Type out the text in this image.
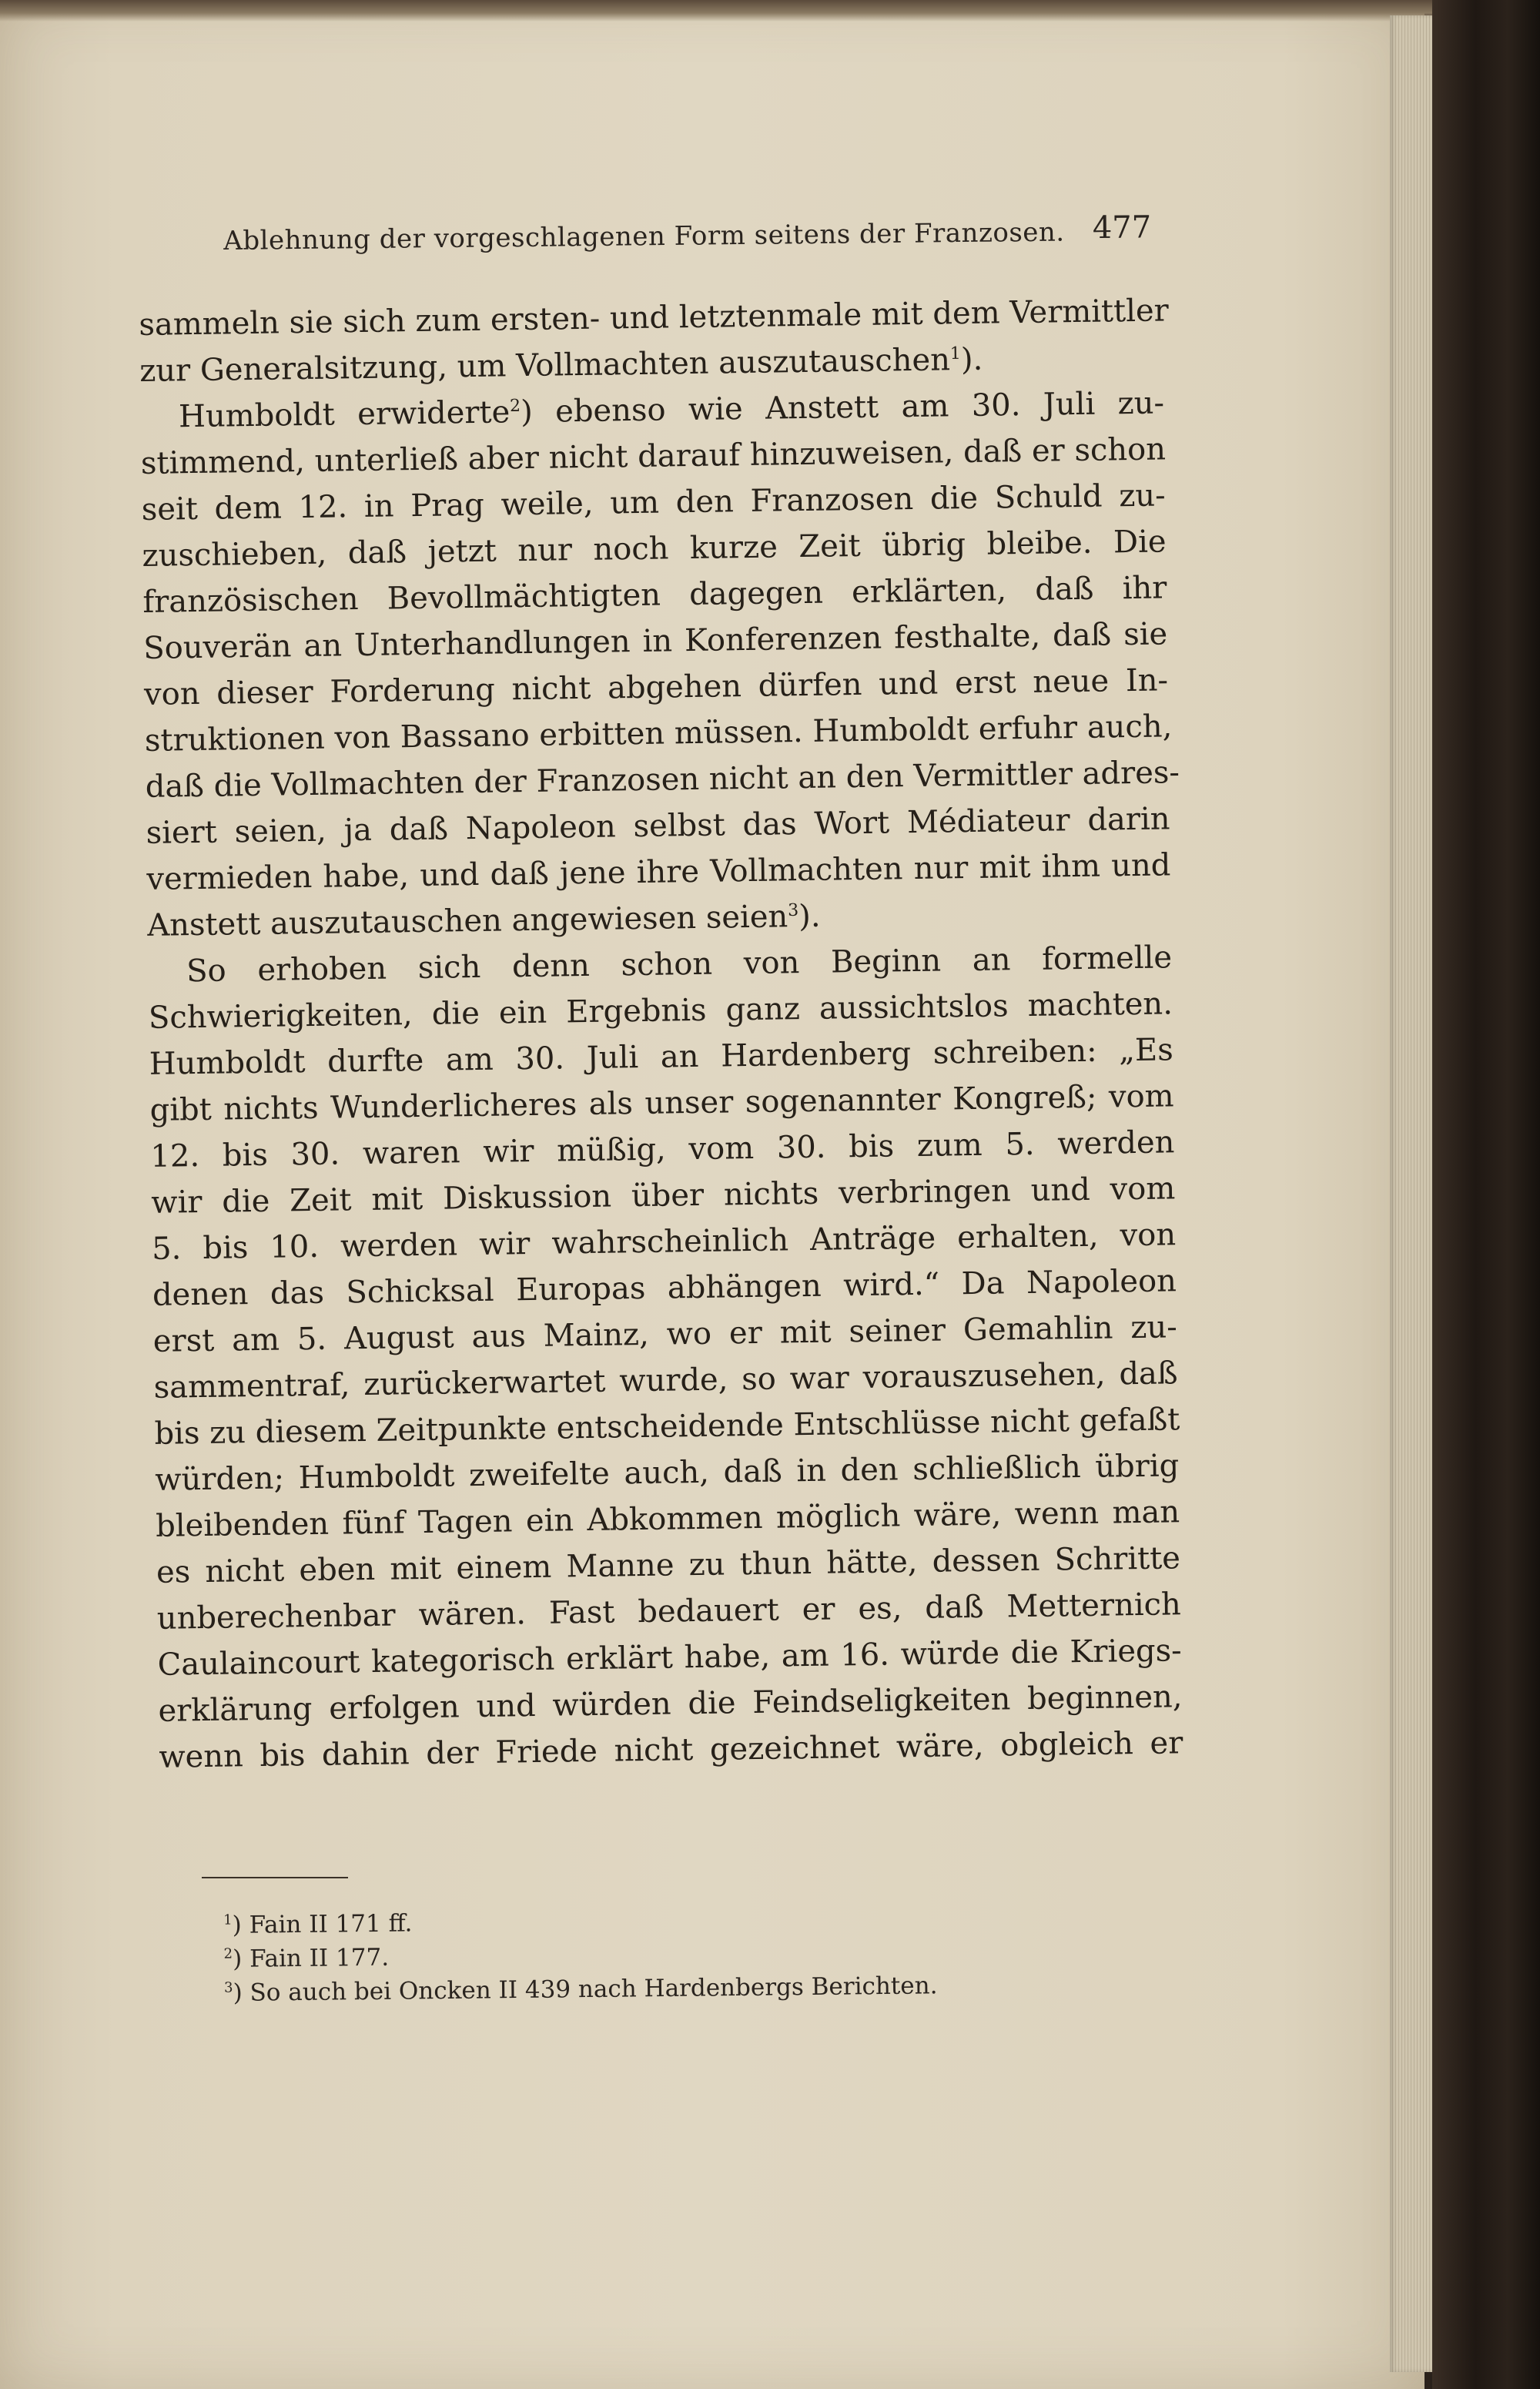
Ablehnung der vorgeschlagenen Form seitens der Franzosen. 477
sammeln sie sich zum ersten- und letztenmale mit dem Vermittler
zur Generalsitzung, um Vollmachten auszutauschen$^1$).
Humboldt erwiderte$^2$) ebenso wie Anstett am 30. Juli zu-
stimmend, unterließ aber nicht darauf hinzuweisen, daß er schon
seit dem 12. in Prag weile, um den Franzosen die Schuld zu-
zuschieben, daß jetzt nur noch kurze Zeit übrig bleibe. Die
französischen Bevollmächtigten dagegen erklärten, daß ihr
Souverän an Unterhandlungen in Konferenzen festhalte, daß sie
von dieser Forderung nicht abgehen dürfen und erst neue In-
struktionen von Bassano erbitten müssen. Humboldt erfuhr auch,
daß die Vollmachten der Franzosen nicht an den Vermittler adres-
siert seien, ja daß Napoleon selbst das Wort Médiateur darin
vermieden habe, und daß jene ihre Vollmachten nur mit ihm und
Anstett auszutauschen angewiesen seien$^3$).
So erhoben sich denn schon von Beginn an formelle
Schwierigkeiten, die ein Ergebnis ganz aussichtslos machten.
Humboldt durfte am 30. Juli an Hardenberg schreiben: „Es
gibt nichts Wunderlicheres als unser sogenannter Kongreß; vom
12. bis 30. waren wir müßig, vom 30. bis zum 5. werden
wir die Zeit mit Diskussion über nichts verbringen und vom
5. bis 10. werden wir wahrscheinlich Anträge erhalten, von
denen das Schicksal Europas abhängen wird.“ Da Napoleon
erst am 5. August aus Mainz, wo er mit seiner Gemahlin zu-
sammentraf, zurückerwartet wurde, so war vorauszusehen, daß
bis zu diesem Zeitpunkte entscheidende Entschlüsse nicht gefaßt
würden; Humboldt zweifelte auch, daß in den schließlich übrig
bleibenden fünf Tagen ein Abkommen möglich wäre, wenn man
es nicht eben mit einem Manne zu thun hätte, dessen Schritte
unberechenbar wären. Fast bedauert er es, daß Metternich
Caulaincourt kategorisch erklärt habe, am 16. würde die Kriegs-
erklärung erfolgen und würden die Feindseligkeiten beginnen,
wenn bis dahin der Friede nicht gezeichnet wäre, obgleich er
$^1$) Fain II 171 ff.
$^2$) Fain II 177.
$^3$) So auch bei Oncken II 439 nach Hardenbergs Berichten.
